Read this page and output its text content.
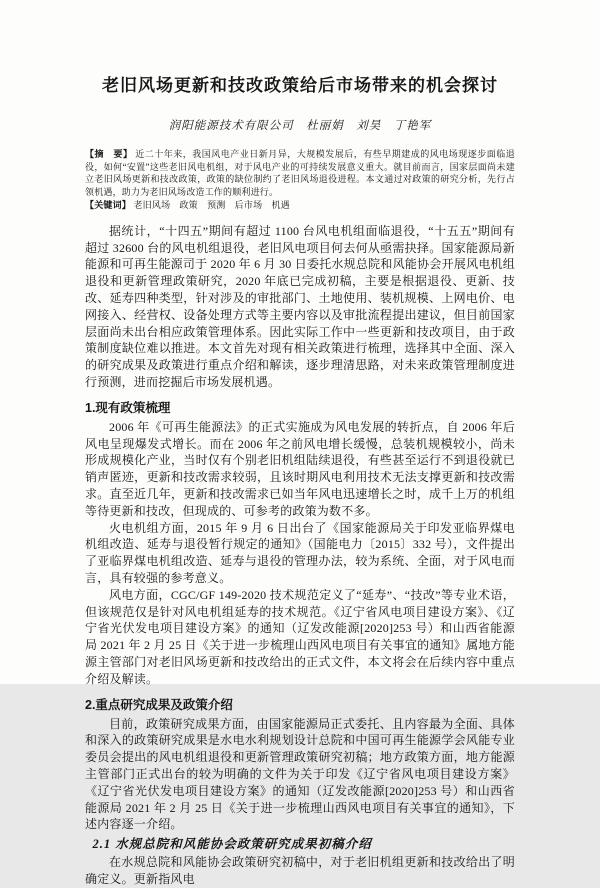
老旧风场更新和技改政策给后市场带来的机会探讨
润阳能源技术有限公司　杜丽娟　刘昊　丁艳军
【摘　要】 近二十年来，我国风电产业日新月异，大规模发展后，有些早期建成的风电场现逐步面临退役，如何“安置”这些老旧风电机组，对于风电产业的可持续发展意义重大。就目前而言，国家层面尚未建立老旧风场更新和技改政策，政策的缺位制约了老旧风场退役进程。本文通过对政策的研究分析，先行占领机遇，助力为老旧风场改造工作的顺利进行。
【关键词】 老旧风场　政策　预测　后市场　机遇

据统计，“十四五”期间有超过 1100 台风电机组面临退役，“十五五”期间有超过 32600 台的风电机组退役，老旧风电项目何去何从亟需抉择。国家能源局新能源和可再生能源司于 2020 年 6 月 30 日委托水规总院和风能协会开展风电机组退役和更新管理政策研究，2020 年底已完成初稿，主要是根据退役、更新、技改、延寿四种类型，针对涉及的审批部门、土地使用、装机规模、上网电价、电网接入、经营权、设备处理方式等主要内容以及审批流程提出建议，但目前国家层面尚未出台相应政策管理体系。因此实际工作中一些更新和技改项目，由于政策制度缺位难以推进。本文首先对现有相关政策进行梳理，选择其中全面、深入的研究成果及政策进行重点介绍和解读，逐步理清思路，对未来政策管理制度进行预测，进而挖掘后市场发展机遇。

1.现有政策梳理

2006 年《可再生能源法》的正式实施成为风电发展的转折点，自 2006 年后风电呈现爆发式增长。而在 2006 年之前风电增长缓慢，总装机规模较小，尚未形成规模化产业，当时仅有个别老旧机组陆续退役，有些甚至运行不到退役就已销声匿迹，更新和技改需求较弱，且该时期风电利用技术无法支撑更新和技改需求。直至近几年，更新和技改需求已如当年风电迅速增长之时，成千上万的机组等待更新和技改，但现成的、可参考的政策为数不多。

火电机组方面，2015 年 9 月 6 日出台了《国家能源局关于印发亚临界煤电机组改造、延寿与退役暂行规定的通知》（国能电力〔2015〕332 号），文件提出了亚临界煤电机组改造、延寿与退役的管理办法，较为系统、全面，对于风电而言，具有较强的参考意义。

风电方面，CGC/GF 149-2020 技术规范定义了“延寿”、“技改”等专业术语，但该规范仅是针对风电机组延寿的技术规范。《辽宁省风电项目建设方案》、《辽宁省光伏发电项目建设方案》的通知（辽发改能源[2020]253 号）和山西省能源局 2021 年 2 月 25 日《关于进一步梳理山西风电项目有关事宜的通知》属地方能源主管部门对老旧风场更新和技改给出的正式文件，本文将会在后续内容中重点介绍及解读。

2.重点研究成果及政策介绍

目前，政策研究成果方面，由国家能源局正式委托、且内容最为全面、具体和深入的政策研究成果是水电水利规划设计总院和中国可再生能源学会风能专业委员会提出的风电机组退役和更新管理政策研究初稿；地方政策方面，地方能源主管部门正式出台的较为明确的文件为关于印发《辽宁省风电项目建设方案》《辽宁省光伏发电项目建设方案》的通知（辽发改能源[2020]253 号）和山西省能源局 2021 年 2 月 25 日《关于进一步梳理山西风电项目有关事宜的通知》，下述内容逐一介绍。

2.1 水规总院和风能协会政策研究成果初稿介绍

在水规总院和风能协会政策研究初稿中，对于老旧机组更新和技改给出了明确定义。更新指风电
